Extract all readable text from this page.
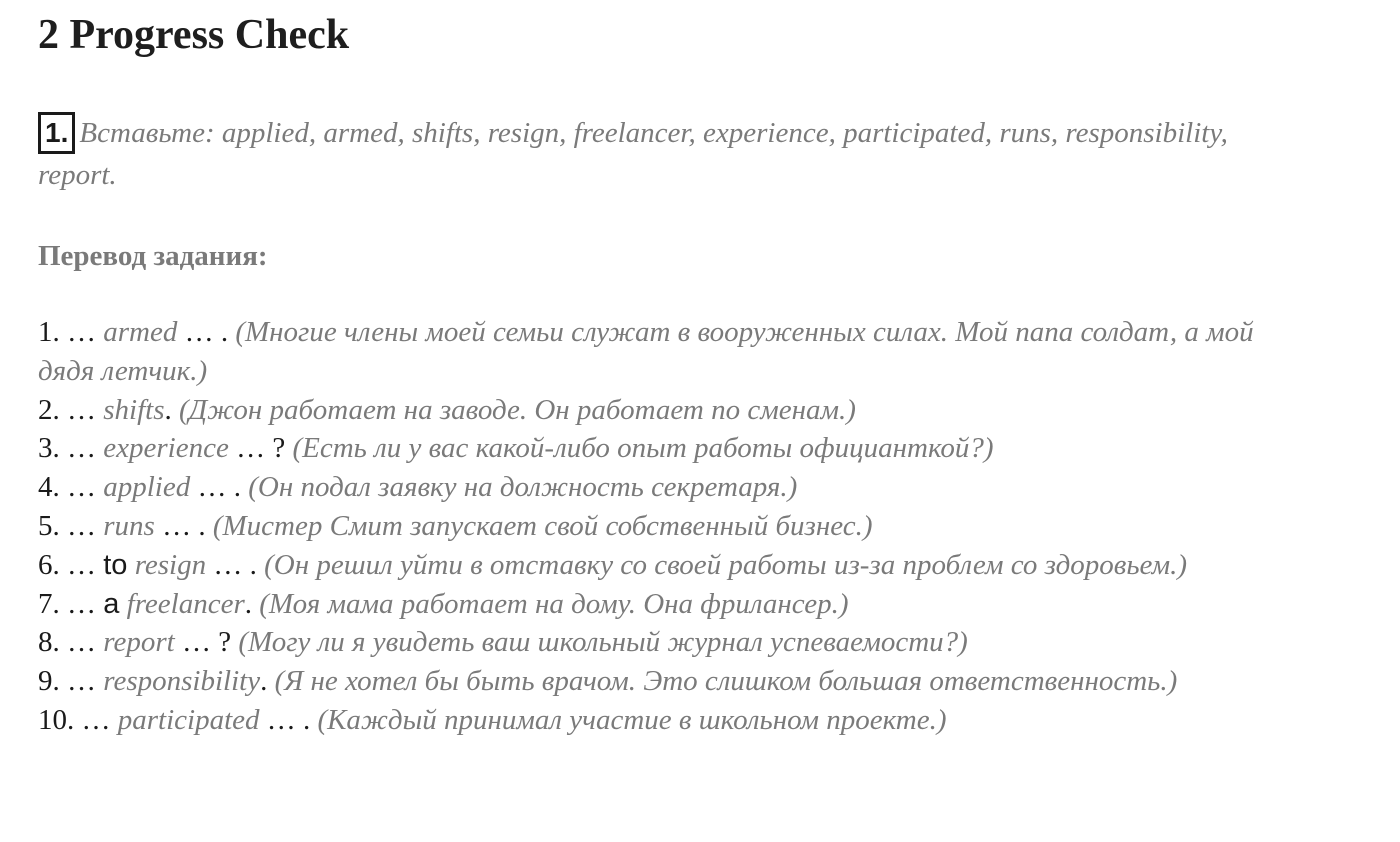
2 Progress Check
1. Вставьте: applied, armed, shifts, resign, freelancer, experience, participated, runs, responsibility, report.
Перевод задания:
1. … armed … . (Многие члены моей семьи служат в вооруженных силах. Мой папа солдат, а мой дядя летчик.)
2. … shifts. (Джон работает на заводе. Он работает по сменам.)
3. … experience … ? (Есть ли у вас какой-либо опыт работы официанткой?)
4. … applied … . (Он подал заявку на должность секретаря.)
5. … runs … . (Мистер Смит запускает свой собственный бизнес.)
6. … to resign … . (Он решил уйти в отставку со своей работы из-за проблем со здоровьем.)
7. … a freelancer. (Моя мама работает на дому. Она фрилансер.)
8. … report … ? (Могу ли я увидеть ваш школьный журнал успеваемости?)
9. … responsibility. (Я не хотел бы быть врачом. Это слишком большая ответственность.)
10. … participated … . (Каждый принимал участие в школьном проекте.)
